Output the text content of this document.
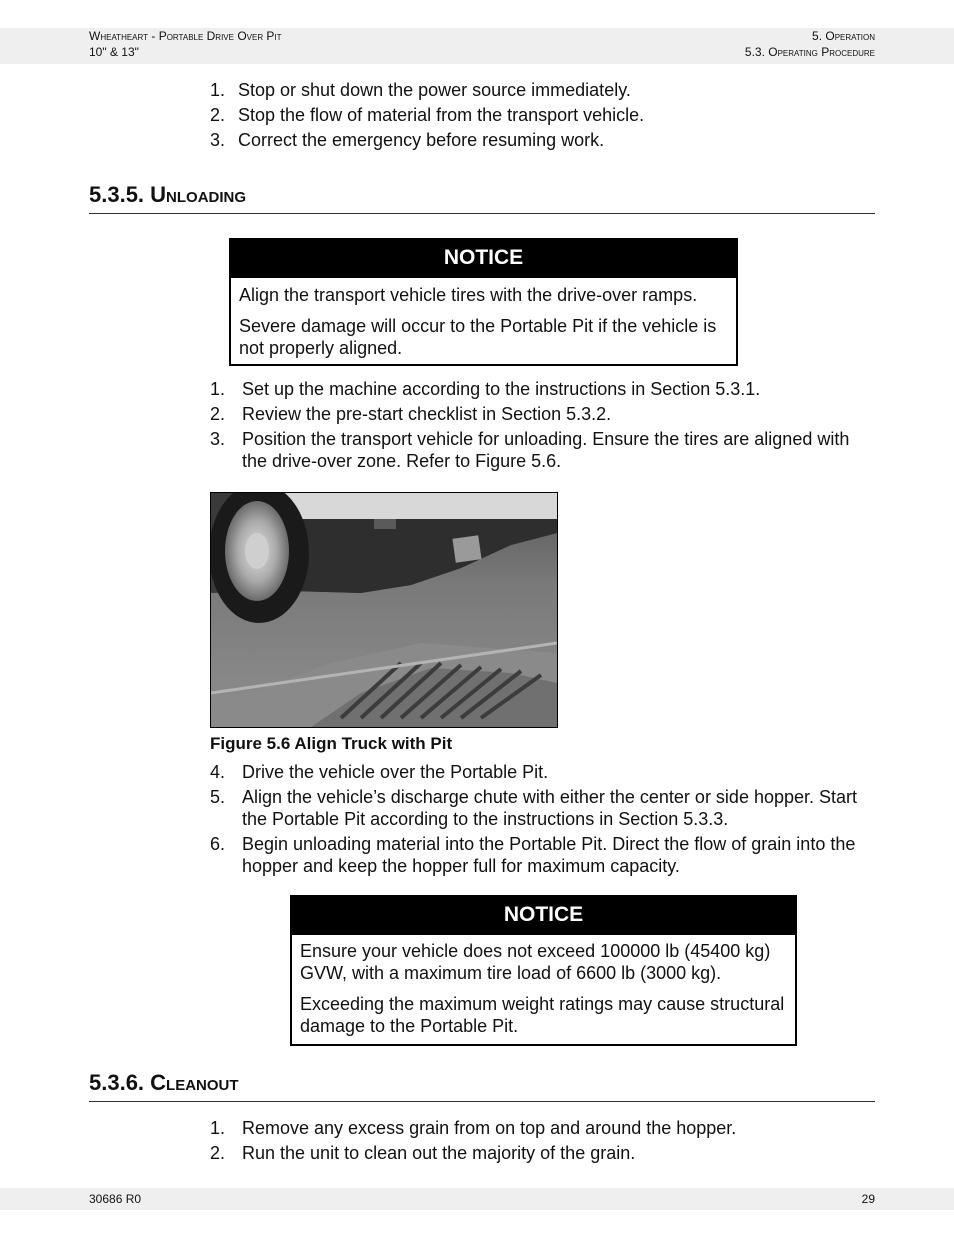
Wheatheart - Portable Drive Over Pit
10" & 13"
5. Operation
5.3. Operating Procedure
1. Stop or shut down the power source immediately.
2. Stop the flow of material from the transport vehicle.
3. Correct the emergency before resuming work.
5.3.5. Unloading
NOTICE

Align the transport vehicle tires with the drive-over ramps.

Severe damage will occur to the Portable Pit if the vehicle is not properly aligned.

1. Set up the machine according to the instructions in Section 5.3.1.
2. Review the pre-start checklist in Section 5.3.2.
3. Position the transport vehicle for unloading. Ensure the tires are aligned with the drive-over zone. Refer to Figure 5.6.
Figure 5.6 Align Truck with Pit
4. Drive the vehicle over the Portable Pit.
5. Align the vehicle’s discharge chute with either the center or side hopper. Start the Portable Pit according to the instructions in Section 5.3.3.
6. Begin unloading material into the Portable Pit. Direct the flow of grain into the hopper and keep the hopper full for maximum capacity.
NOTICE

Ensure your vehicle does not exceed 100000 lb (45400 kg) GVW, with a maximum tire load of 6600 lb (3000 kg).

Exceeding the maximum weight ratings may cause structural damage to the Portable Pit.

5.3.6. Cleanout
1. Remove any excess grain from on top and around the hopper.
2. Run the unit to clean out the majority of the grain.
30686 R0	29
